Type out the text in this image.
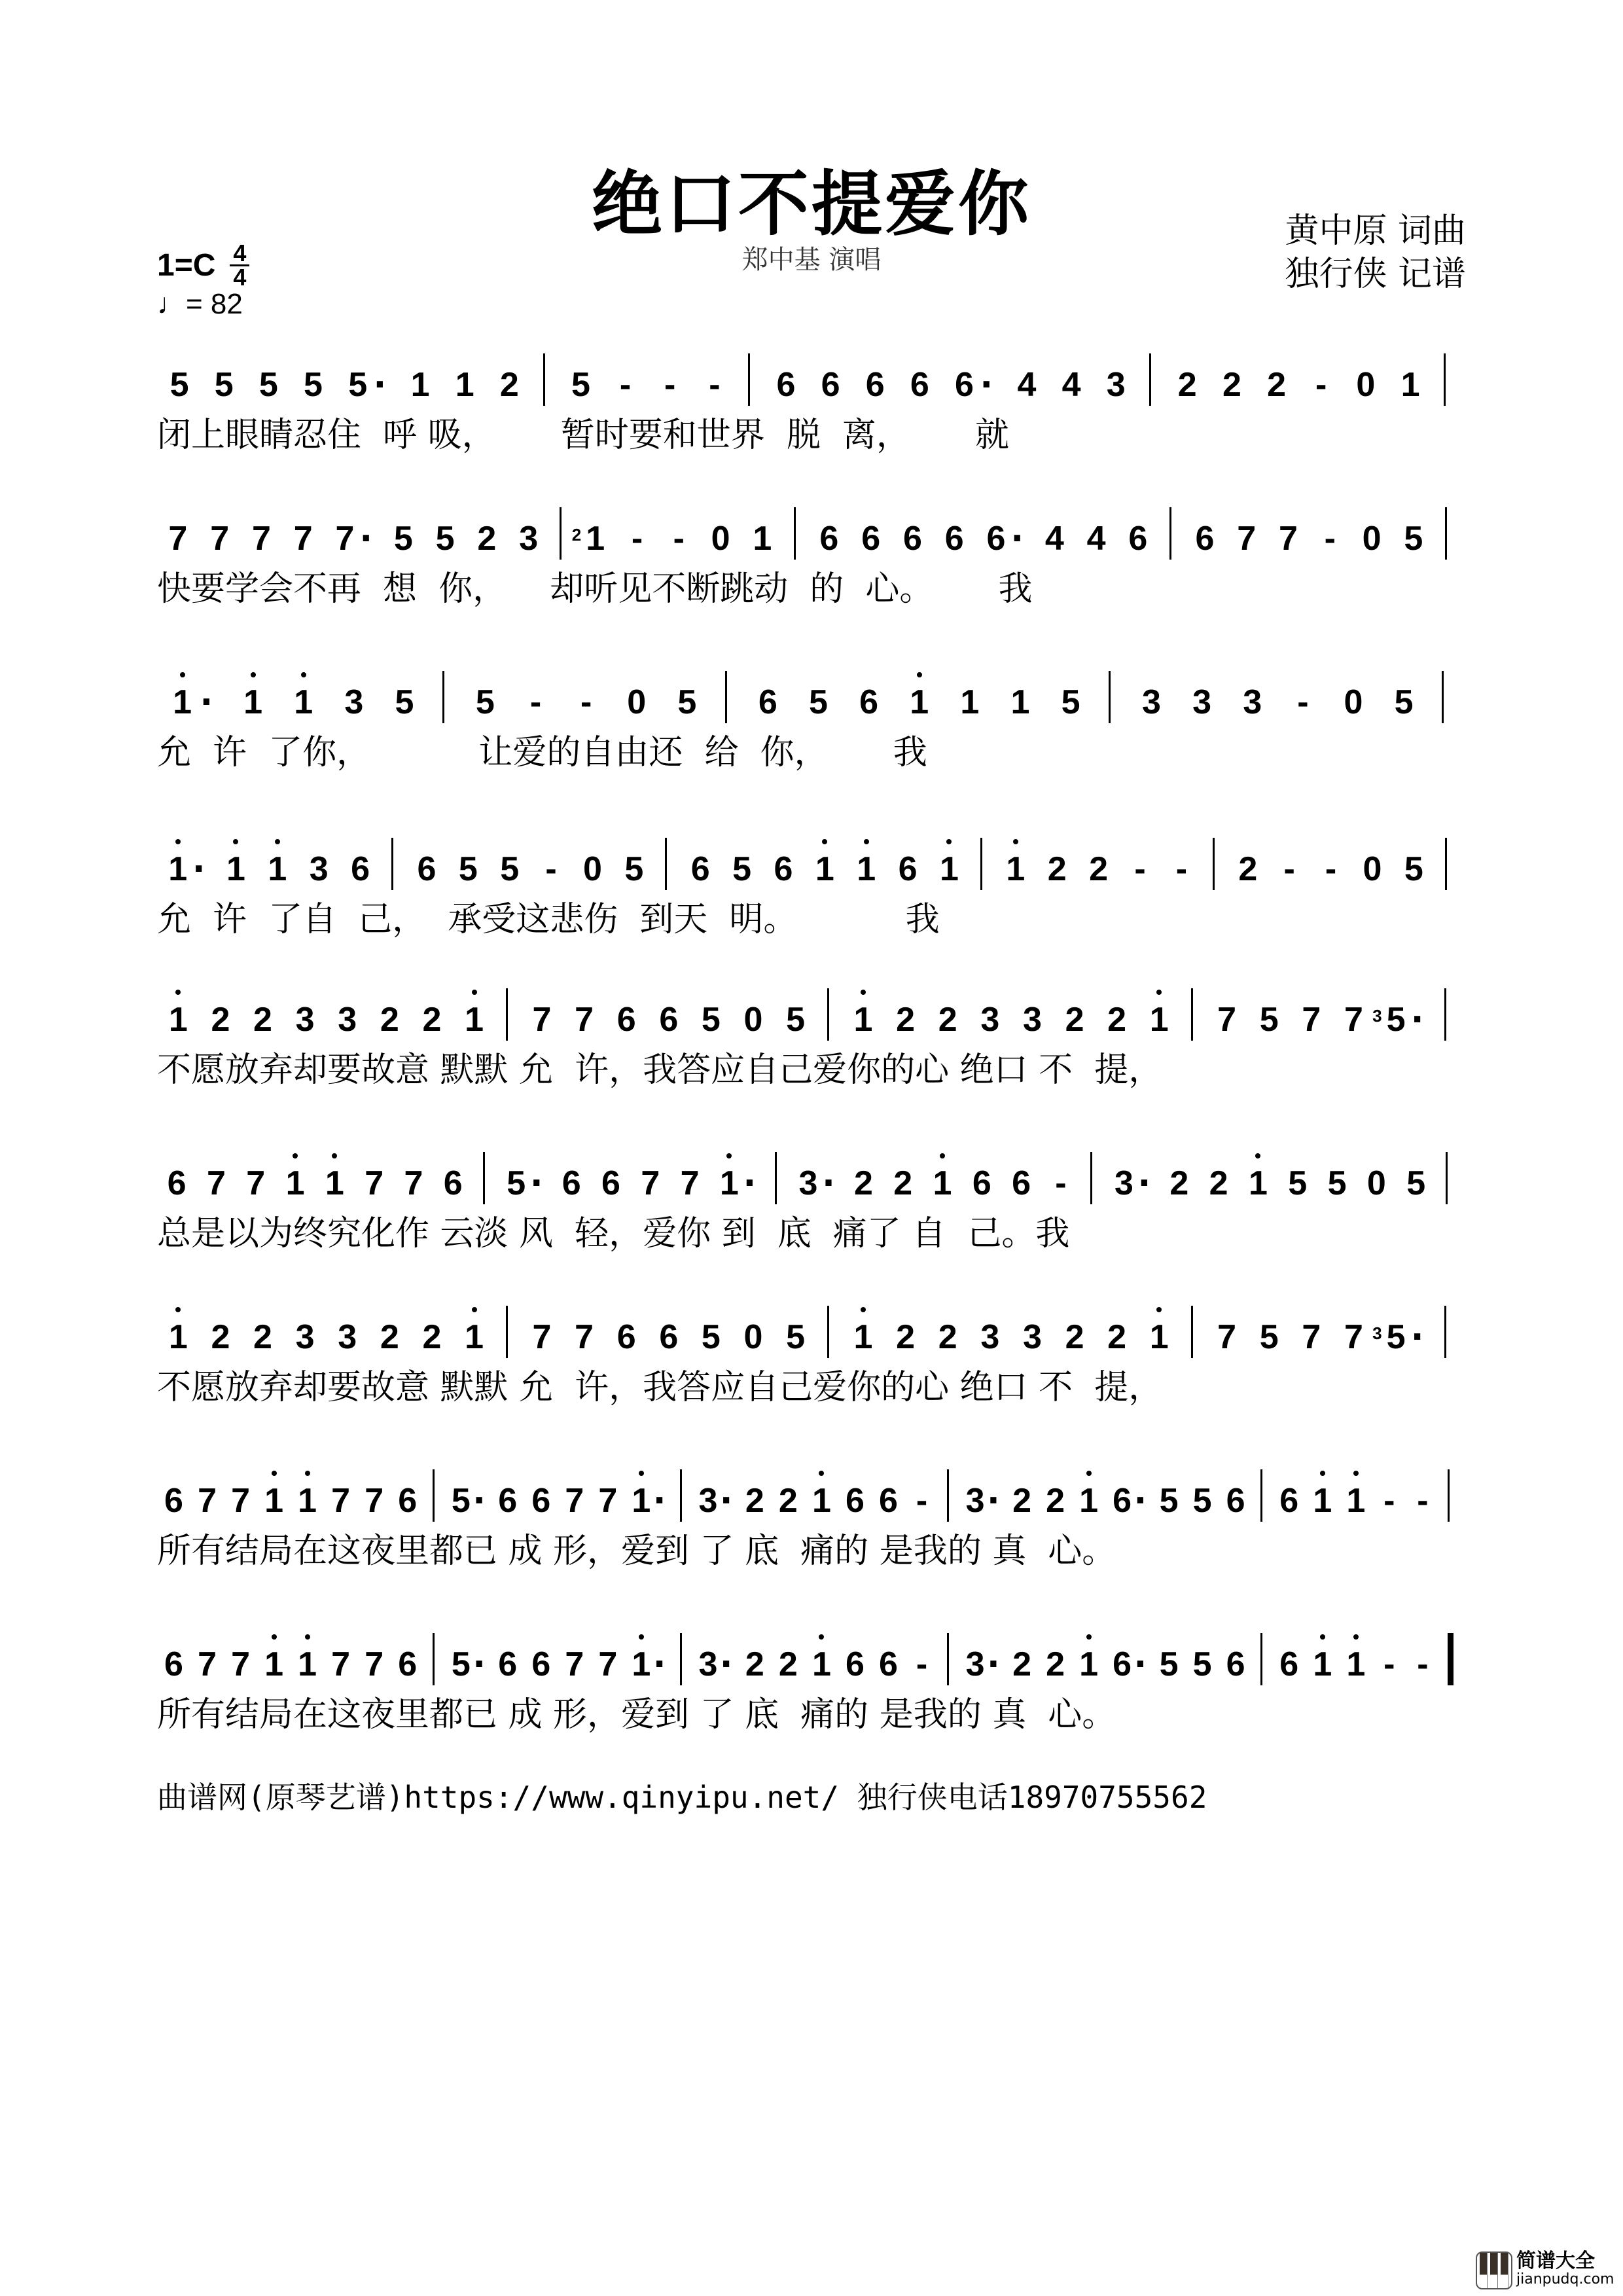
绝口不提爱你
郑中基 演唱
黄中原 词曲
独行侠 记谱
1=C 4
4
♩= 82
5 5 5 5 5 · 1 1 2 5 - - - 6 6 6 6 6 · 4 4 3 2 2 2 - 0 1
闭上眼睛忍住  呼 吸，      暂时要和世界  脱  离，      就
7 7 7 7 7 · 5 5 2 3 1
2 - - 0 1 6 6 6 6 6 · 4 4 6 6 7 7 - 0 5
快要学会不再  想  你，    却听见不断跳动  的  心。      我
1 · 1 1 3 5 5 - - 0 5 6 5 6 1 1 1 5 3 3 3 - 0 5
允  许  了你，          让爱的自由还  给  你，      我
1 · 1 1 3 6 6 5 5 - 0 5 6 5 6 1 1 6 1 1 2 2 - - 2 - - 0 5
允  许  了自  己，  承受这悲伤  到天  明。          我
1 2 2 3 3 2 2 1 7 7 6 6 5 0 5 1 2 2 3 3 2 2 1 7 5 7 7 5
3 ·
不愿放弃却要故意 默默 允  许，我答应自己爱你的心 绝口 不  提，
6 7 7 1 1 7 7 6 5 · 6 6 7 7 1 · 3 · 2 2 1 6 6 - 3 · 2 2 1 5 5 0 5
总是以为终究化作 云淡 风  轻，爱你 到  底  痛了 自  己。我
1 2 2 3 3 2 2 1 7 7 6 6 5 0 5 1 2 2 3 3 2 2 1 7 5 7 7 5
3 ·
不愿放弃却要故意 默默 允  许，我答应自己爱你的心 绝口 不  提，
6 7 7 1 1 7 7 6 5 · 6 6 7 7 1 · 3 · 2 2 1 6 6 - 3 · 2 2 1 6 · 5 5 6 6 1 1 - -
所有结局在这夜里都已 成 形，爱到 了 底  痛的 是我的 真  心。
6 7 7 1 1 7 7 6 5 · 6 6 7 7 1 · 3 · 2 2 1 6 6 - 3 · 2 2 1 6 · 5 5 6 6 1 1 - -
所有结局在这夜里都已 成 形，爱到 了 底  痛的 是我的 真  心。
曲谱网(原琴艺谱)https://www.qinyipu.net/ 独行侠电话18970755562
简谱大全
jianpudq.com
